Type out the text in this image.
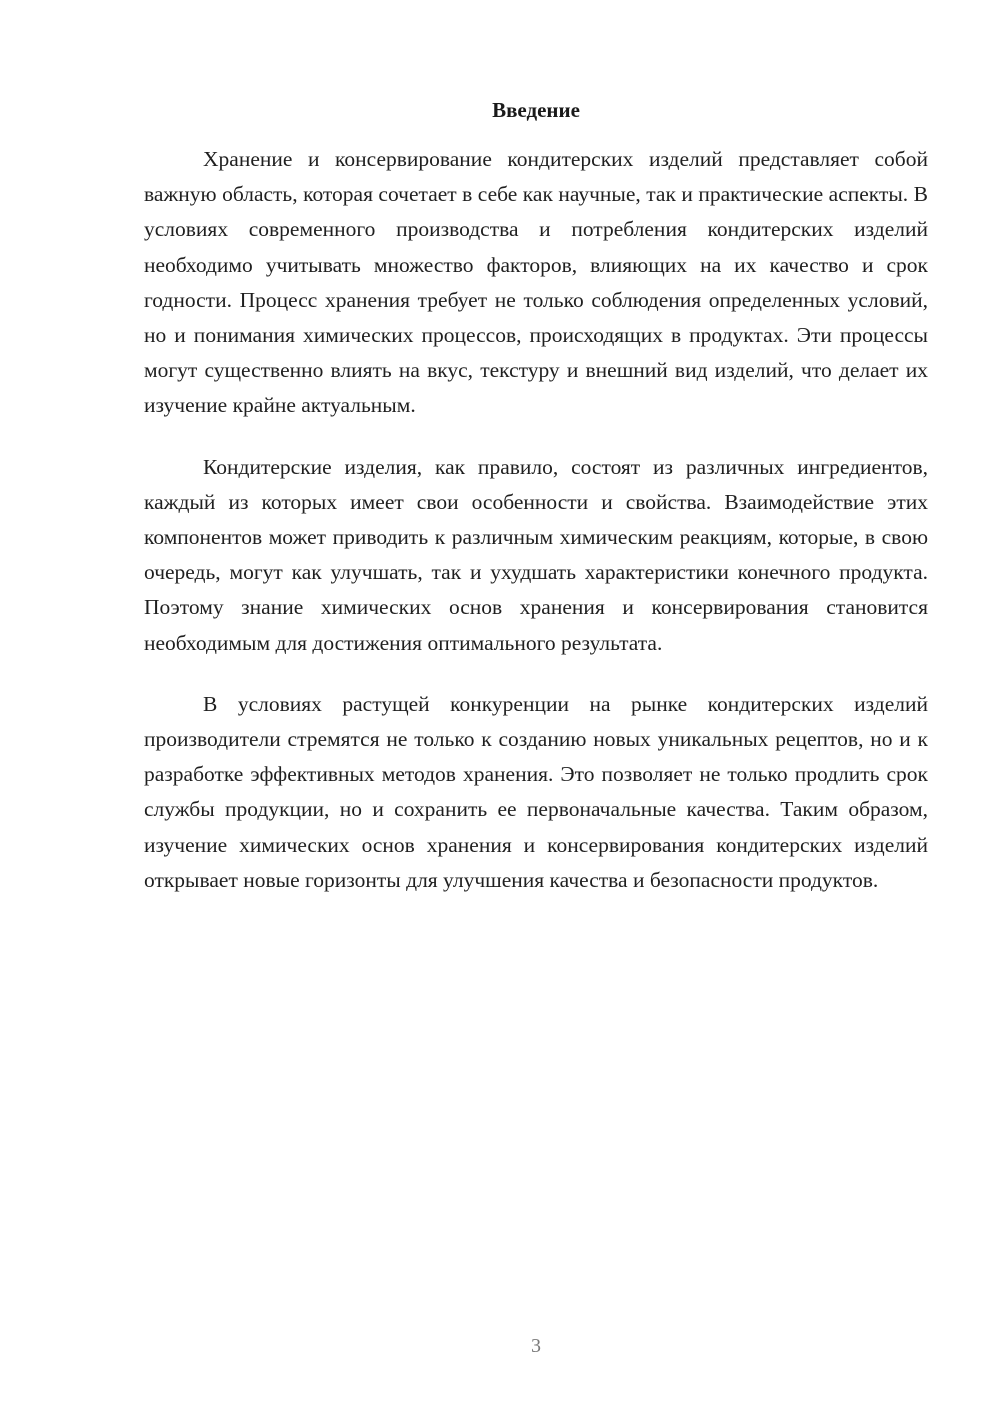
Введение

Хранение и консервирование кондитерских изделий представляет собой важную область, которая сочетает в себе как научные, так и практические аспекты. В условиях современного производства и потребления кондитерских изделий необходимо учитывать множество факторов, влияющих на их качество и срок годности. Процесс хранения требует не только соблюдения определенных условий, но и понимания химических процессов, происходящих в продуктах. Эти процессы могут существенно влиять на вкус, текстуру и внешний вид изделий, что делает их изучение крайне актуальным.

Кондитерские изделия, как правило, состоят из различных ингредиентов, каждый из которых имеет свои особенности и свойства. Взаимодействие этих компонентов может приводить к различным химическим реакциям, которые, в свою очередь, могут как улучшать, так и ухудшать характеристики конечного продукта. Поэтому знание химических основ хранения и консервирования становится необходимым для достижения оптимального результата.

В условиях растущей конкуренции на рынке кондитерских изделий производители стремятся не только к созданию новых уникальных рецептов, но и к разработке эффективных методов хранения. Это позволяет не только продлить срок службы продукции, но и сохранить ее первоначальные качества. Таким образом, изучение химических основ хранения и консервирования кондитерских изделий открывает новые горизонты для улучшения качества и безопасности продуктов.

3
